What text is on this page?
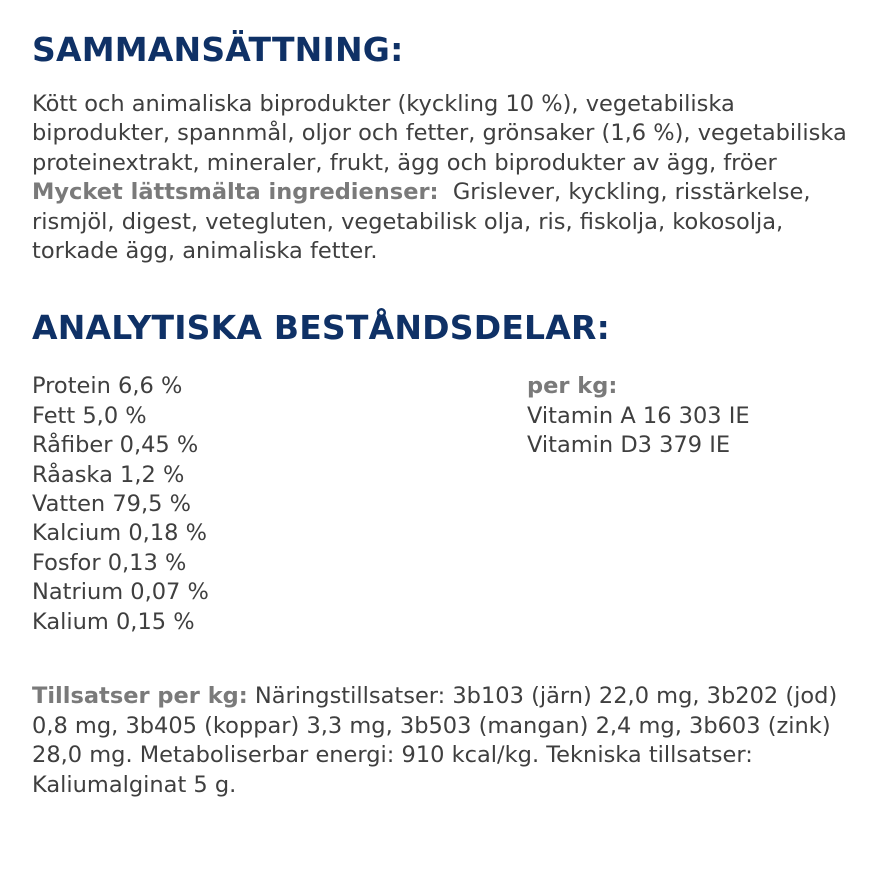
SAMMANSÄTTNING:

Kött och animaliska biprodukter (kyckling 10 %), vegetabiliska biprodukter, spannmål, oljor och fetter, grönsaker (1,6 %), vegetabiliska proteinextrakt, mineraler, frukt, ägg och biprodukter av ägg, fröer
Mycket lättsmälta ingredienser: Grislever, kyckling, risstärkelse, rismjöl, digest, vetegluten, vegetabilisk olja, ris, fiskolja, kokosolja, torkade ägg, animaliska fetter.

ANALYTISKA BESTÅNDSDELAR:
Protein 6,6 %
Fett 5,0 %
Råfiber 0,45 %
Råaska 1,2 %
Vatten 79,5 %
Kalcium 0,18 %
Fosfor 0,13 %
Natrium 0,07 %
Kalium 0,15 %
per kg:
Vitamin A 16 303 IE
Vitamin D3 379 IE

Tillsatser per kg: Näringstillsatser: 3b103 (järn) 22,0 mg, 3b202 (jod) 0,8 mg, 3b405 (koppar) 3,3 mg, 3b503 (mangan) 2,4 mg, 3b603 (zink) 28,0 mg. Metaboliserbar energi: 910 kcal/kg. Tekniska tillsatser: Kaliumalginat 5 g.
